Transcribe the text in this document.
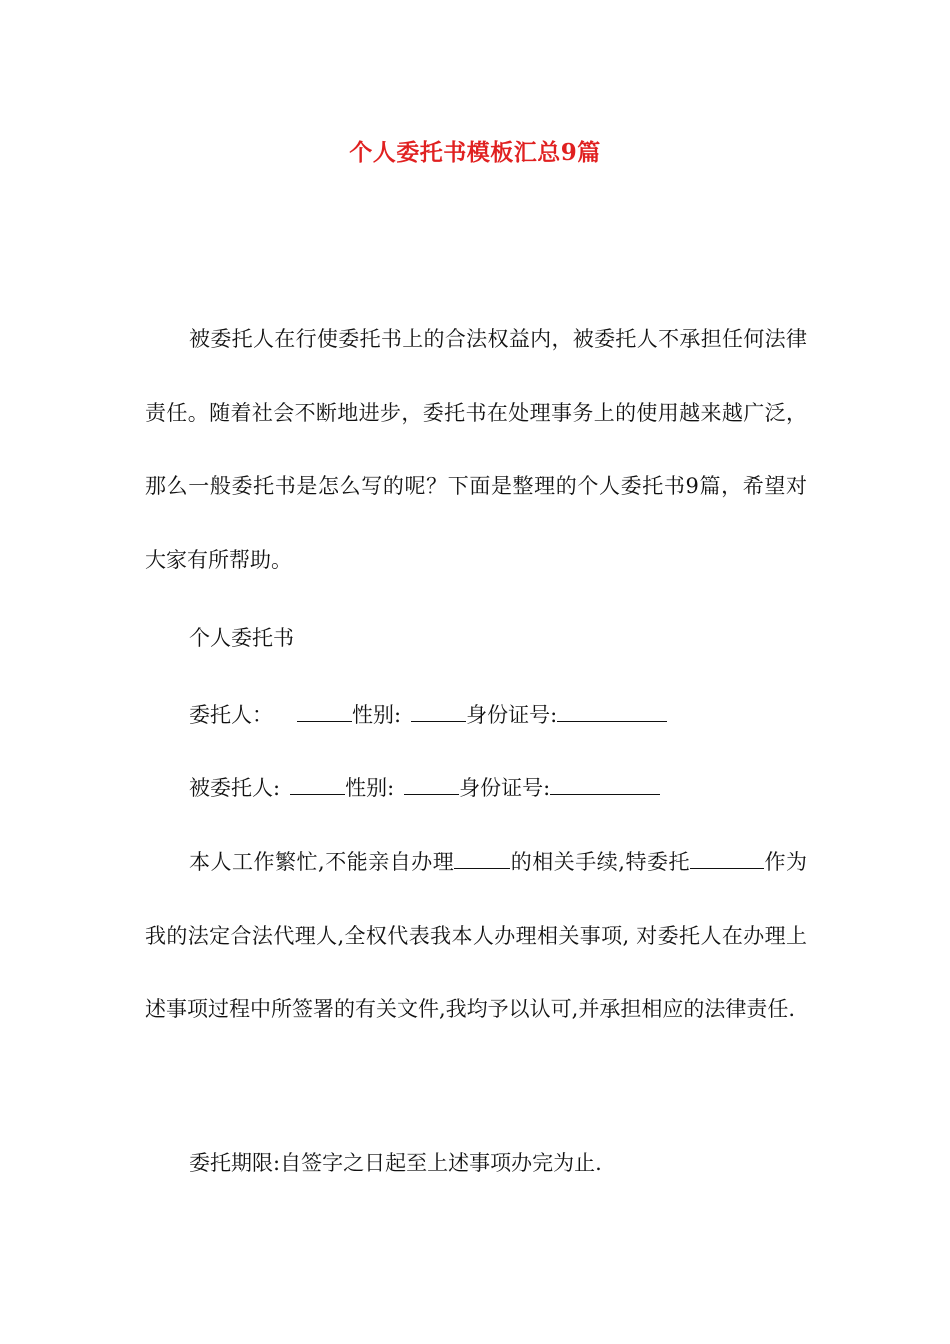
个人委托书模板汇总9篇

被委托人在行使委托书上的合法权益内，被委托人不承担任何法律责任。随着社会不断地进步，委托书在处理事务上的使用越来越广泛，那么一般委托书是怎么写的呢？下面是整理的个人委托书9篇，希望对大家有所帮助。

个人委托书
委托人：	性别:	身份证号:
被委托人:	性别:	身份证号:

本人工作繁忙,不能亲自办理	的相关手续,特委托	作为我的法定合法代理人,全权代表我本人办理相关事项, 对委托人在办理上述事项过程中所签署的有关文件,我均予以认可,并承担相应的法律责任.

委托期限:自签字之日起至上述事项办完为止.
